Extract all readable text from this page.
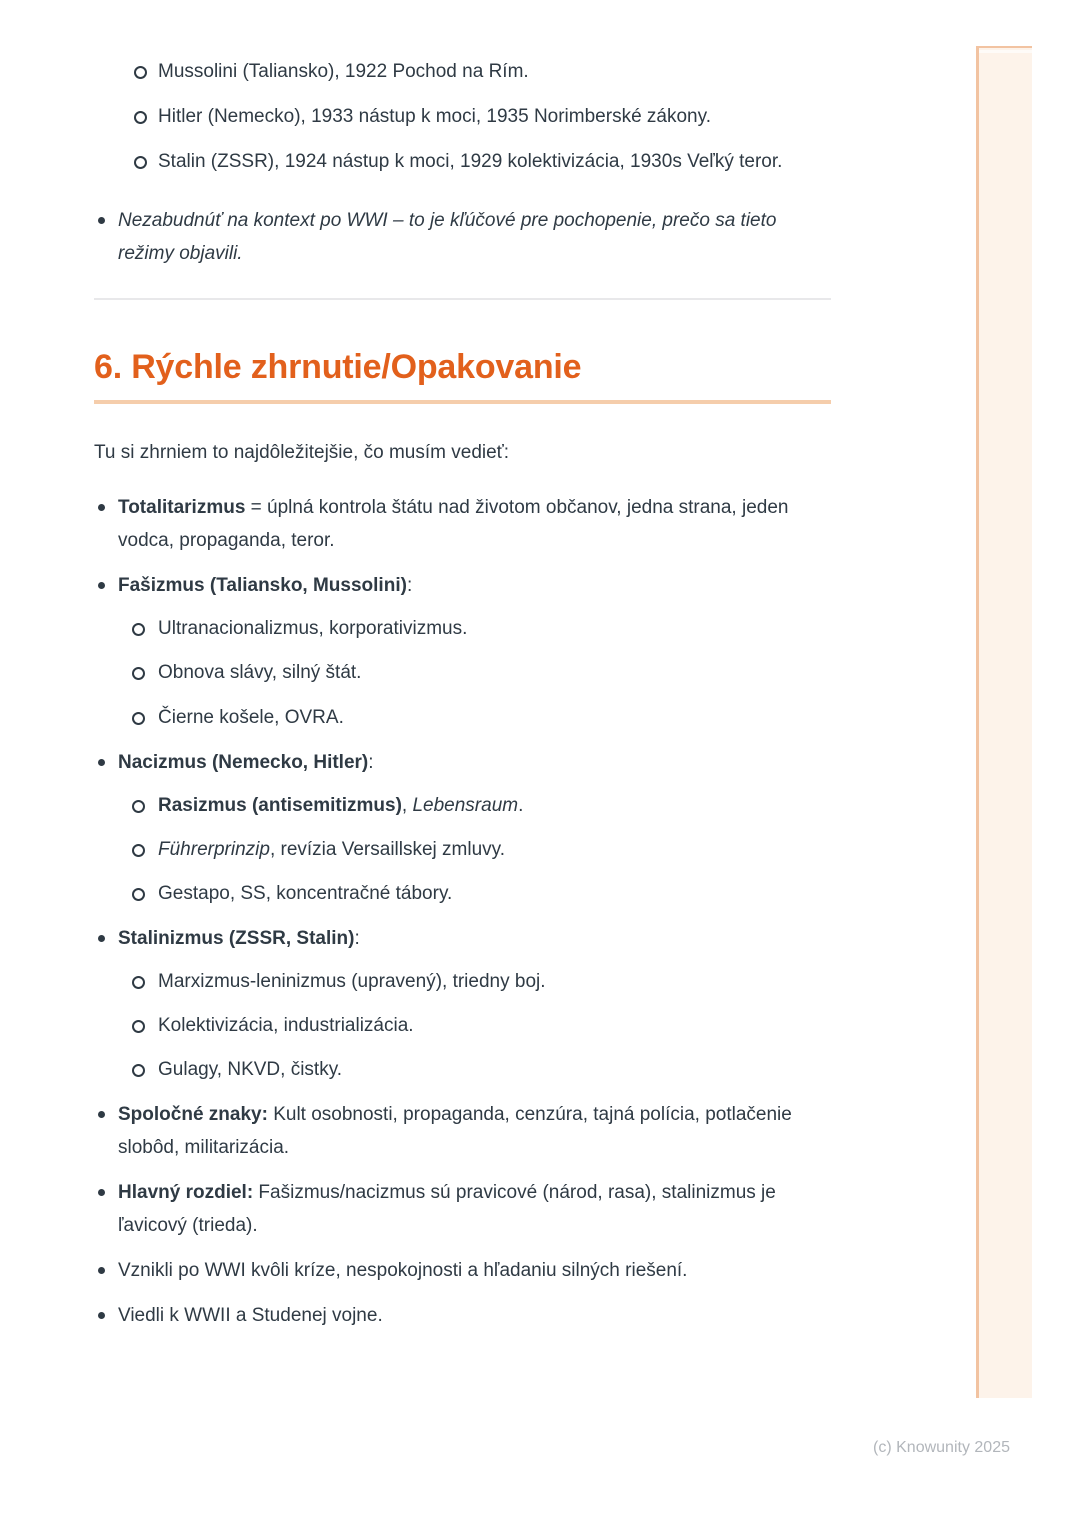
Mussolini (Taliansko), 1922 Pochod na Rím.
Hitler (Nemecko), 1933 nástup k moci, 1935 Norimberské zákony.
Stalin (ZSSR), 1924 nástup k moci, 1929 kolektivizácia, 1930s Veľký teror.
Nezabudnúť na kontext po WWI – to je kľúčové pre pochopenie, prečo sa tieto režimy objavili.
6. Rýchle zhrnutie/Opakovanie

Tu si zhrniem to najdôležitejšie, čo musím vedieť:

Totalitarizmus = úplná kontrola štátu nad životom občanov, jedna strana, jeden vodca, propaganda, teror.
Fašizmus (Taliansko, Mussolini):
Ultranacionalizmus, korporativizmus.
Obnova slávy, silný štát.
Čierne košele, OVRA.
Nacizmus (Nemecko, Hitler):
Rasizmus (antisemitizmus), Lebensraum.
Führerprinzip, revízia Versaillskej zmluvy.
Gestapo, SS, koncentračné tábory.
Stalinizmus (ZSSR, Stalin):
Marxizmus-leninizmus (upravený), triedny boj.
Kolektivizácia, industrializácia.
Gulagy, NKVD, čistky.
Spoločné znaky: Kult osobnosti, propaganda, cenzúra, tajná polícia, potlačenie slobôd, militarizácia.
Hlavný rozdiel: Fašizmus/nacizmus sú pravicové (národ, rasa), stalinizmus je ľavicový (trieda).
Vznikli po WWI kvôli kríze, nespokojnosti a hľadaniu silných riešení.
Viedli k WWII a Studenej vojne.
(c) Knowunity 2025
